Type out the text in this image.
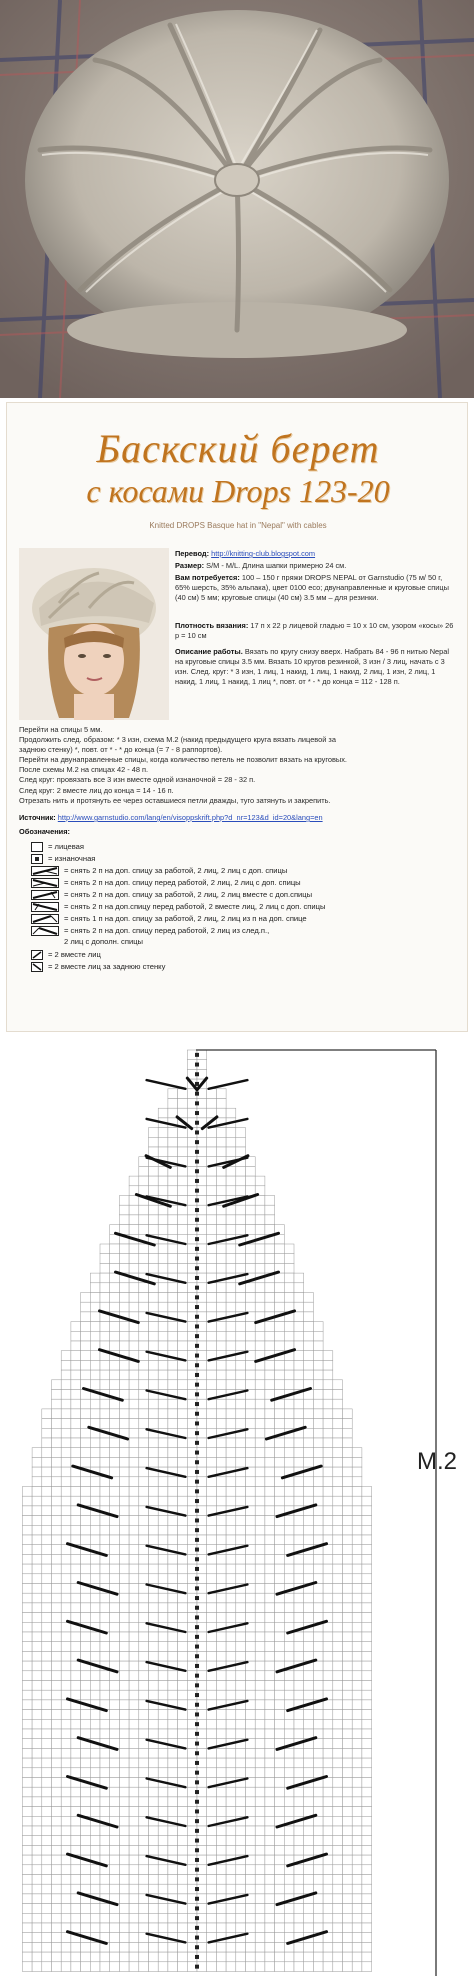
Баскский берет
с косами Drops 123-20
Knitted DROPS Basque hat in "Nepal" with cables
Перевод: http://knitting-club.blogspot.com
Размер: S/M - M/L. Длина шапки примерно 24 см.
Вам потребуется: 100 – 150 г пряжи DROPS NEPAL от Garnstudio (75 м/ 50 г, 65% шерсть, 35% альпака), цвет 0100 есо; двунаправленные и круговые спицы (40 см) 5 мм; круговые спицы (40 см) 3.5 мм – для резинки.
Плотность вязания: 17 п x 22 р лицевой гладью = 10 x 10 см, узором «косы» 26 р = 10 см
Описание работы. Вязать по кругу снизу вверх. Набрать 84 - 96 п нитью Nepal на круговые спицы 3.5 мм. Вязать 10 кругов резинкой, 3 изн / 3 лиц, начать с 3 изн. След. круг: * 3 изн, 1 лиц, 1 накид, 1 лиц, 1 накид, 2 лиц, 1 изн, 2 лиц, 1 накид, 1 лиц, 1 накид, 1 лиц *, повт. от * - * до конца = 112 - 128 п.
Перейти на спицы 5 мм.
Продолжить след. образом: * 3 изн, схема М.2 (накид предыдущего круга вязать лицевой за
заднюю стенку) *, повт. от * - * до конца (= 7 - 8 раппортов).
Перейти на двунаправленные спицы, когда количество петель не позволит вязать на круговых.
После схемы М.2 на спицах 42 - 48 п.
След круг: провязать все 3 изн вместе одной изнаночной = 28 - 32 п.
След круг: 2 вместе лиц до конца = 14 - 16 п.
Отрезать нить и протянуть ее через оставшиеся петли дважды, туго затянуть и закрепить.
Источник: http://www.garnstudio.com/lang/en/visoppskrift.php?d_nr=123&d_id=20&lang=en
Обозначения:
= лицевая
= изнаночная
= снять 2 п на доп. спицу за работой, 2 лиц, 2 лиц с доп. спицы
= снять 2 п на доп. спицу перед работой, 2 лиц, 2 лиц с доп. спицы
= снять 2 п на доп. спицу за работой, 2 лиц, 2 лиц вместе с доп.спицы
= снять 2 п на доп.спицу перед работой, 2 вместе лиц, 2 лиц с доп. спицы
= снять 1 п на доп. спицу за работой, 2 лиц, 2 лиц из п на доп. спице
= снять 2 п на доп. спицу перед работой, 2 лиц из след.п.,
2 лиц с дополн. спицы
= 2 вместе лиц
= 2 вместе лиц за заднюю стенку
M.2
